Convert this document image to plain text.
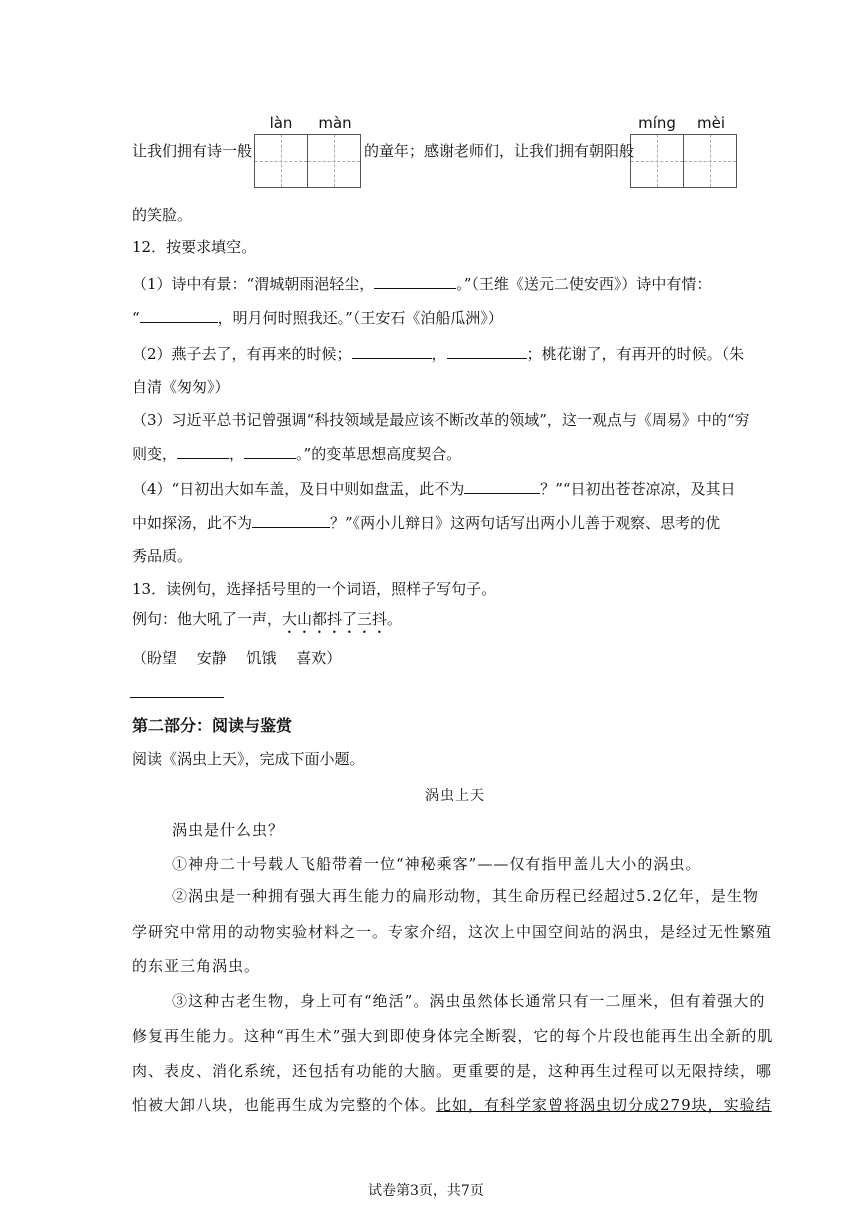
làn	màn	míng	mèi
让我们拥有诗一般	的童年；感谢老师们，让我们拥有朝阳般
的笑脸。
12．按要求填空。
（1）诗中有景：“渭城朝雨浥轻尘，	。”（王维《送元二使安西》）诗中有情：
“	，明月何时照我还。”（王安石《泊船瓜洲》）
（2）燕子去了，有再来的时候；	，	；桃花谢了，有再开的时候。（朱
自清《匆匆》）
（3）习近平总书记曾强调“科技领域是最应该不断改革的领域”，这一观点与《周易》中的“穷
则变，	，	。”的变革思想高度契合。
（4）“日初出大如车盖，及日中则如盘盂，此不为	？”“日初出苍苍凉凉，及其日
中如探汤，此不为	？”《两小儿辩日》这两句话写出两小儿善于观察、思考的优
秀品质。
13．读例句，选择括号里的一个词语，照样子写句子。
例句：他大吼了一声，大山都抖了三抖。
（盼望　 安静　 饥饿　 喜欢）
第二部分：阅读与鉴赏
阅读《涡虫上天》，完成下面小题。
涡虫上天
涡虫是什么虫？
①神舟二十号载人飞船带着一位“神秘乘客”——仅有指甲盖儿大小的涡虫。
②涡虫是一种拥有强大再生能力的扁形动物，其生命历程已经超过5.2亿年，是生物
学研究中常用的动物实验材料之一。专家介绍，这次上中国空间站的涡虫，是经过无性繁殖
的东亚三角涡虫。
③这种古老生物，身上可有“绝活”。涡虫虽然体长通常只有一二厘米，但有着强大的
修复再生能力。这种“再生术”强大到即使身体完全断裂，它的每个片段也能再生出全新的肌
肉、表皮、消化系统，还包括有功能的大脑。更重要的是，这种再生过程可以无限持续，哪
怕被大卸八块，也能再生成为完整的个体。比如，有科学家曾将涡虫切分成279块，实验结
试卷第3页，共7页
